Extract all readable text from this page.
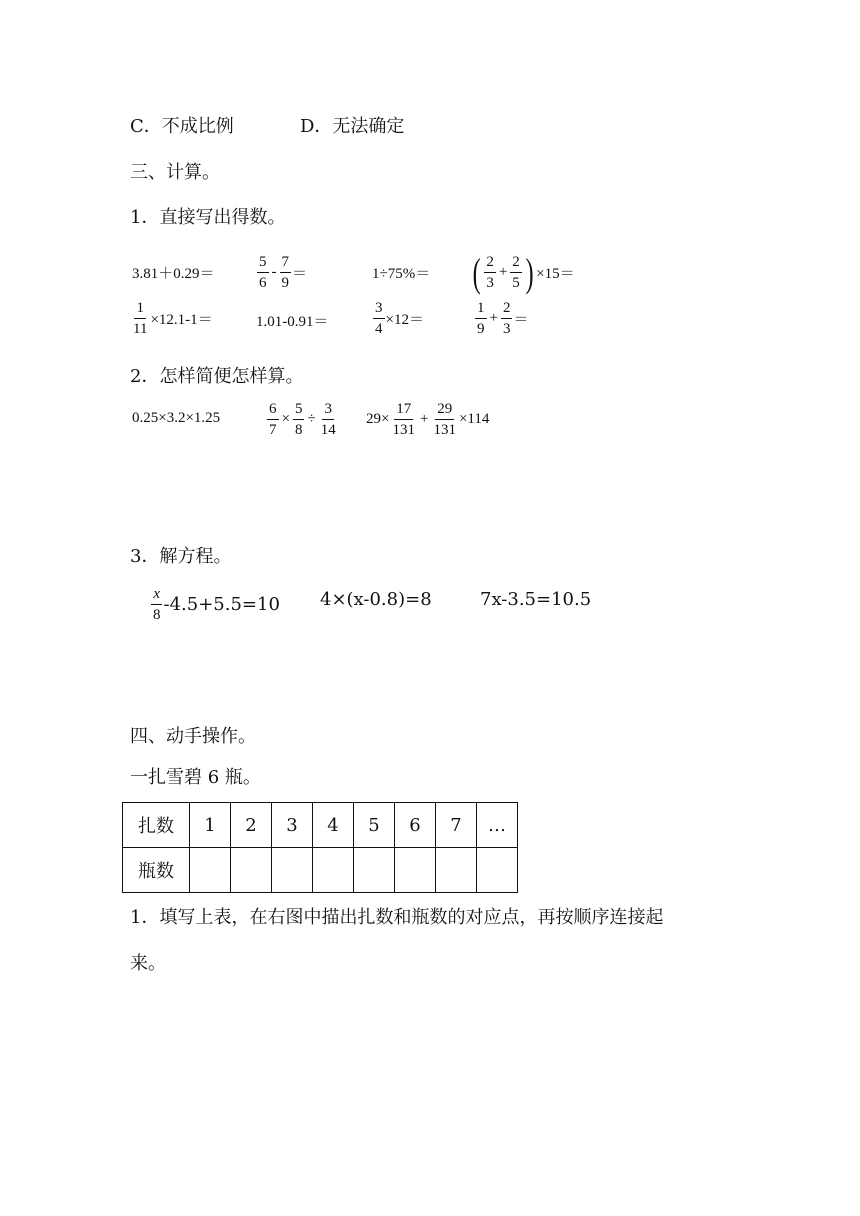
C．不成比例	D．无法确定
三、计算。
1．直接写出得数。
3.81＋0.29＝	$\frac{5}{6} - \frac{7}{9}$ ＝	1÷75%＝ ( $\frac{2}{3} + \frac{2}{5}$ ) ×15＝
$\frac{1}{11} \times 12.1-1=$	1.01-0.91＝	$\frac{3}{4} \times 12=$	$\frac{1}{9} + \frac{2}{3}$ ＝
2．怎样简便怎样算。
0.25×3.2×1.25	$\frac{6}{7} \times \frac{5}{8} \div \frac{3}{14} 29\times \frac{17}{131} + \frac{29}{131} \times 114$
3．解方程。
$\frac{x}{8} -4.5+5.5=10$ 4×(x-0.8)=8	7x-3.5=10.5
四、动手操作。
一扎雪碧 6 瓶。
扎数	1	2	3	4	5	6	7	…
瓶数								
1．填写上表，在右图中描出扎数和瓶数的对应点，再按顺序连接起
来。
